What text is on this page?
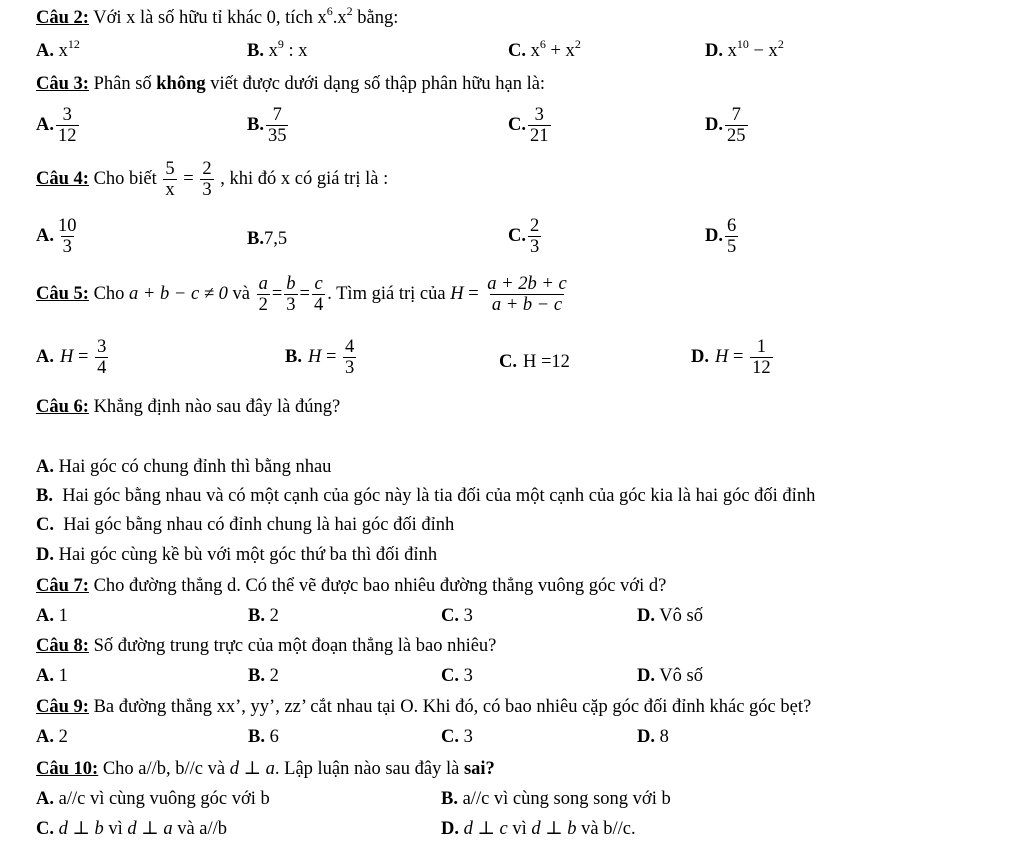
Câu 2: Với x là số hữu tỉ khác 0, tích $x^6.x^2$ bằng:
A. $x^{12}$	B. $x^9$ : x	C. $x^6 + x^2$	D. $x^{10} - x^2$
Câu 3: Phân số không viết được dưới dạng số thập phân hữu hạn là:
A. $\frac{3}{12}$	B. $\frac{7}{35}$	C. $\frac{3}{21}$	D. $\frac{7}{25}$
Câu 4: Cho biết $\frac{5}{x} = \frac{2}{3}$ , khi đó x có giá trị là :
A. $\frac{10}{3}$	B.7,5	C. $\frac{2}{3}$	D. $\frac{6}{5}$
Câu 5: Cho a + b − c ≠ 0 và $\frac{a}{2} = \frac{b}{3} = \frac{c}{4}$ . Tìm giá trị của $H = \frac{a + 2b + c}{a + b - c}$
A. $H = \frac{3}{4}$	B. $H = \frac{4}{3}$	C. H =12	D. $H = \frac{1}{12}$
Câu 6: Khẳng định nào sau đây là đúng?
A. Hai góc có chung đỉnh thì bằng nhau
B.  Hai góc bằng nhau và có một cạnh của góc này là tia đối của một cạnh của góc kia là hai góc đối đỉnh
C.  Hai góc bằng nhau có đỉnh chung là hai góc đối đỉnh
D. Hai góc cùng kề bù với một góc thứ ba thì đối đỉnh
Câu 7: Cho đường thẳng d. Có thể vẽ được bao nhiêu đường thẳng vuông góc với d?
A. 1	B. 2	C. 3	D. Vô số
Câu 8: Số đường trung trực của một đoạn thẳng là bao nhiêu?
A. 1	B. 2	C. 3	D. Vô số
Câu 9: Ba đường thẳng xx’, yy’, zz’ cắt nhau tại O. Khi đó, có bao nhiêu cặp góc đối đỉnh khác góc bẹt?
A. 2	B. 6	C. 3	D. 8
Câu 10: Cho a//b, b//c và d ⊥ a. Lập luận nào sau đây là sai?
A. a//c vì cùng vuông góc với b	B. a//c vì cùng song song với b
C. d ⊥ b vì d ⊥ a và a//b	D. d ⊥ c vì d ⊥ b và b//c.
